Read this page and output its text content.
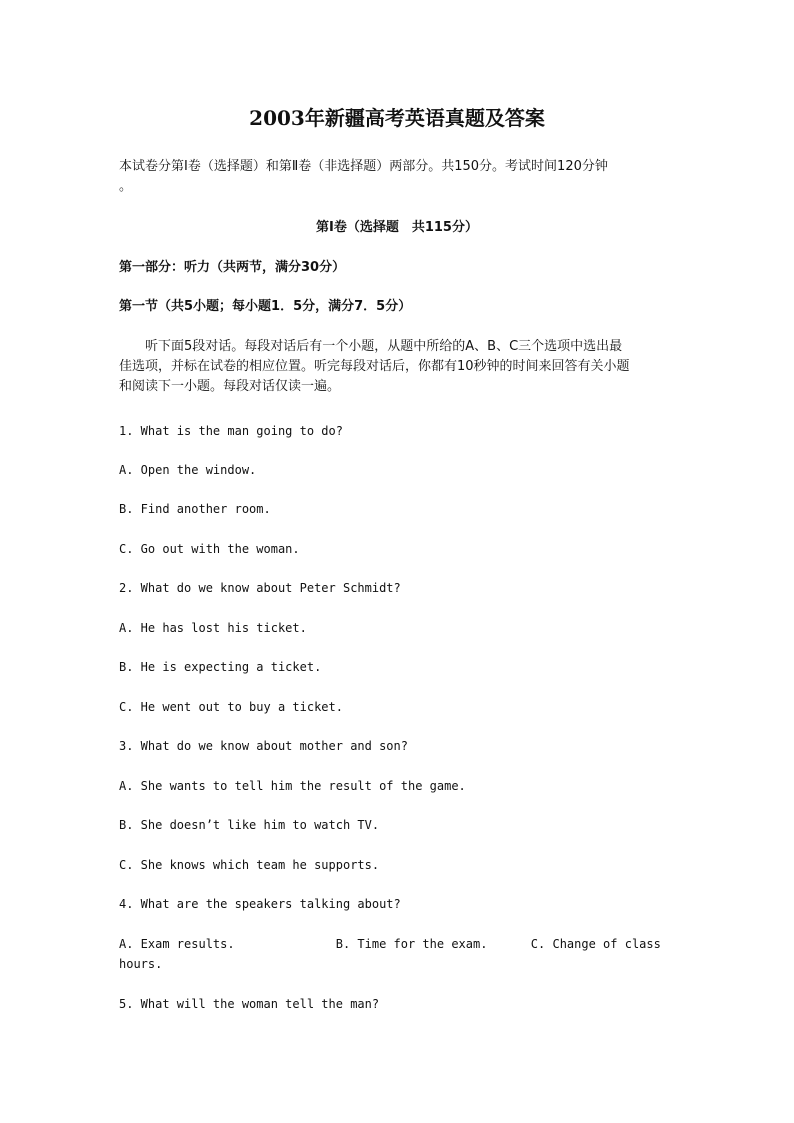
2003年新疆高考英语真题及答案
本试卷分第Ⅰ卷（选择题）和第Ⅱ卷（非选择题）两部分。共150分。考试时间120分钟
。
第Ⅰ卷（选择题　共115分）
第一部分：听力（共两节，满分30分）
第一节（共5小题；每小题1．5分，满分7．5分）
　　听下面5段对话。每段对话后有一个小题，从题中所给的A、B、C三个选项中选出最
佳选项，并标在试卷的相应位置。听完每段对话后，你都有10秒钟的时间来回答有关小题
和阅读下一小题。每段对话仅读一遍。
1. What is the man going to do?
A. Open the window.
B. Find another room.
C. Go out with the woman.
2. What do we know about Peter Schmidt?
A. He has lost his ticket.
B. He is expecting a ticket.
C. He went out to buy a ticket.
3. What do we know about mother and son?
A. She wants to tell him the result of the game.
B. She doesn’t like him to watch TV.
C. She knows which team he supports.
4. What are the speakers talking about?
A. Exam results.              B. Time for the exam.      C. Change of class
hours.
5. What will the woman tell the man?
